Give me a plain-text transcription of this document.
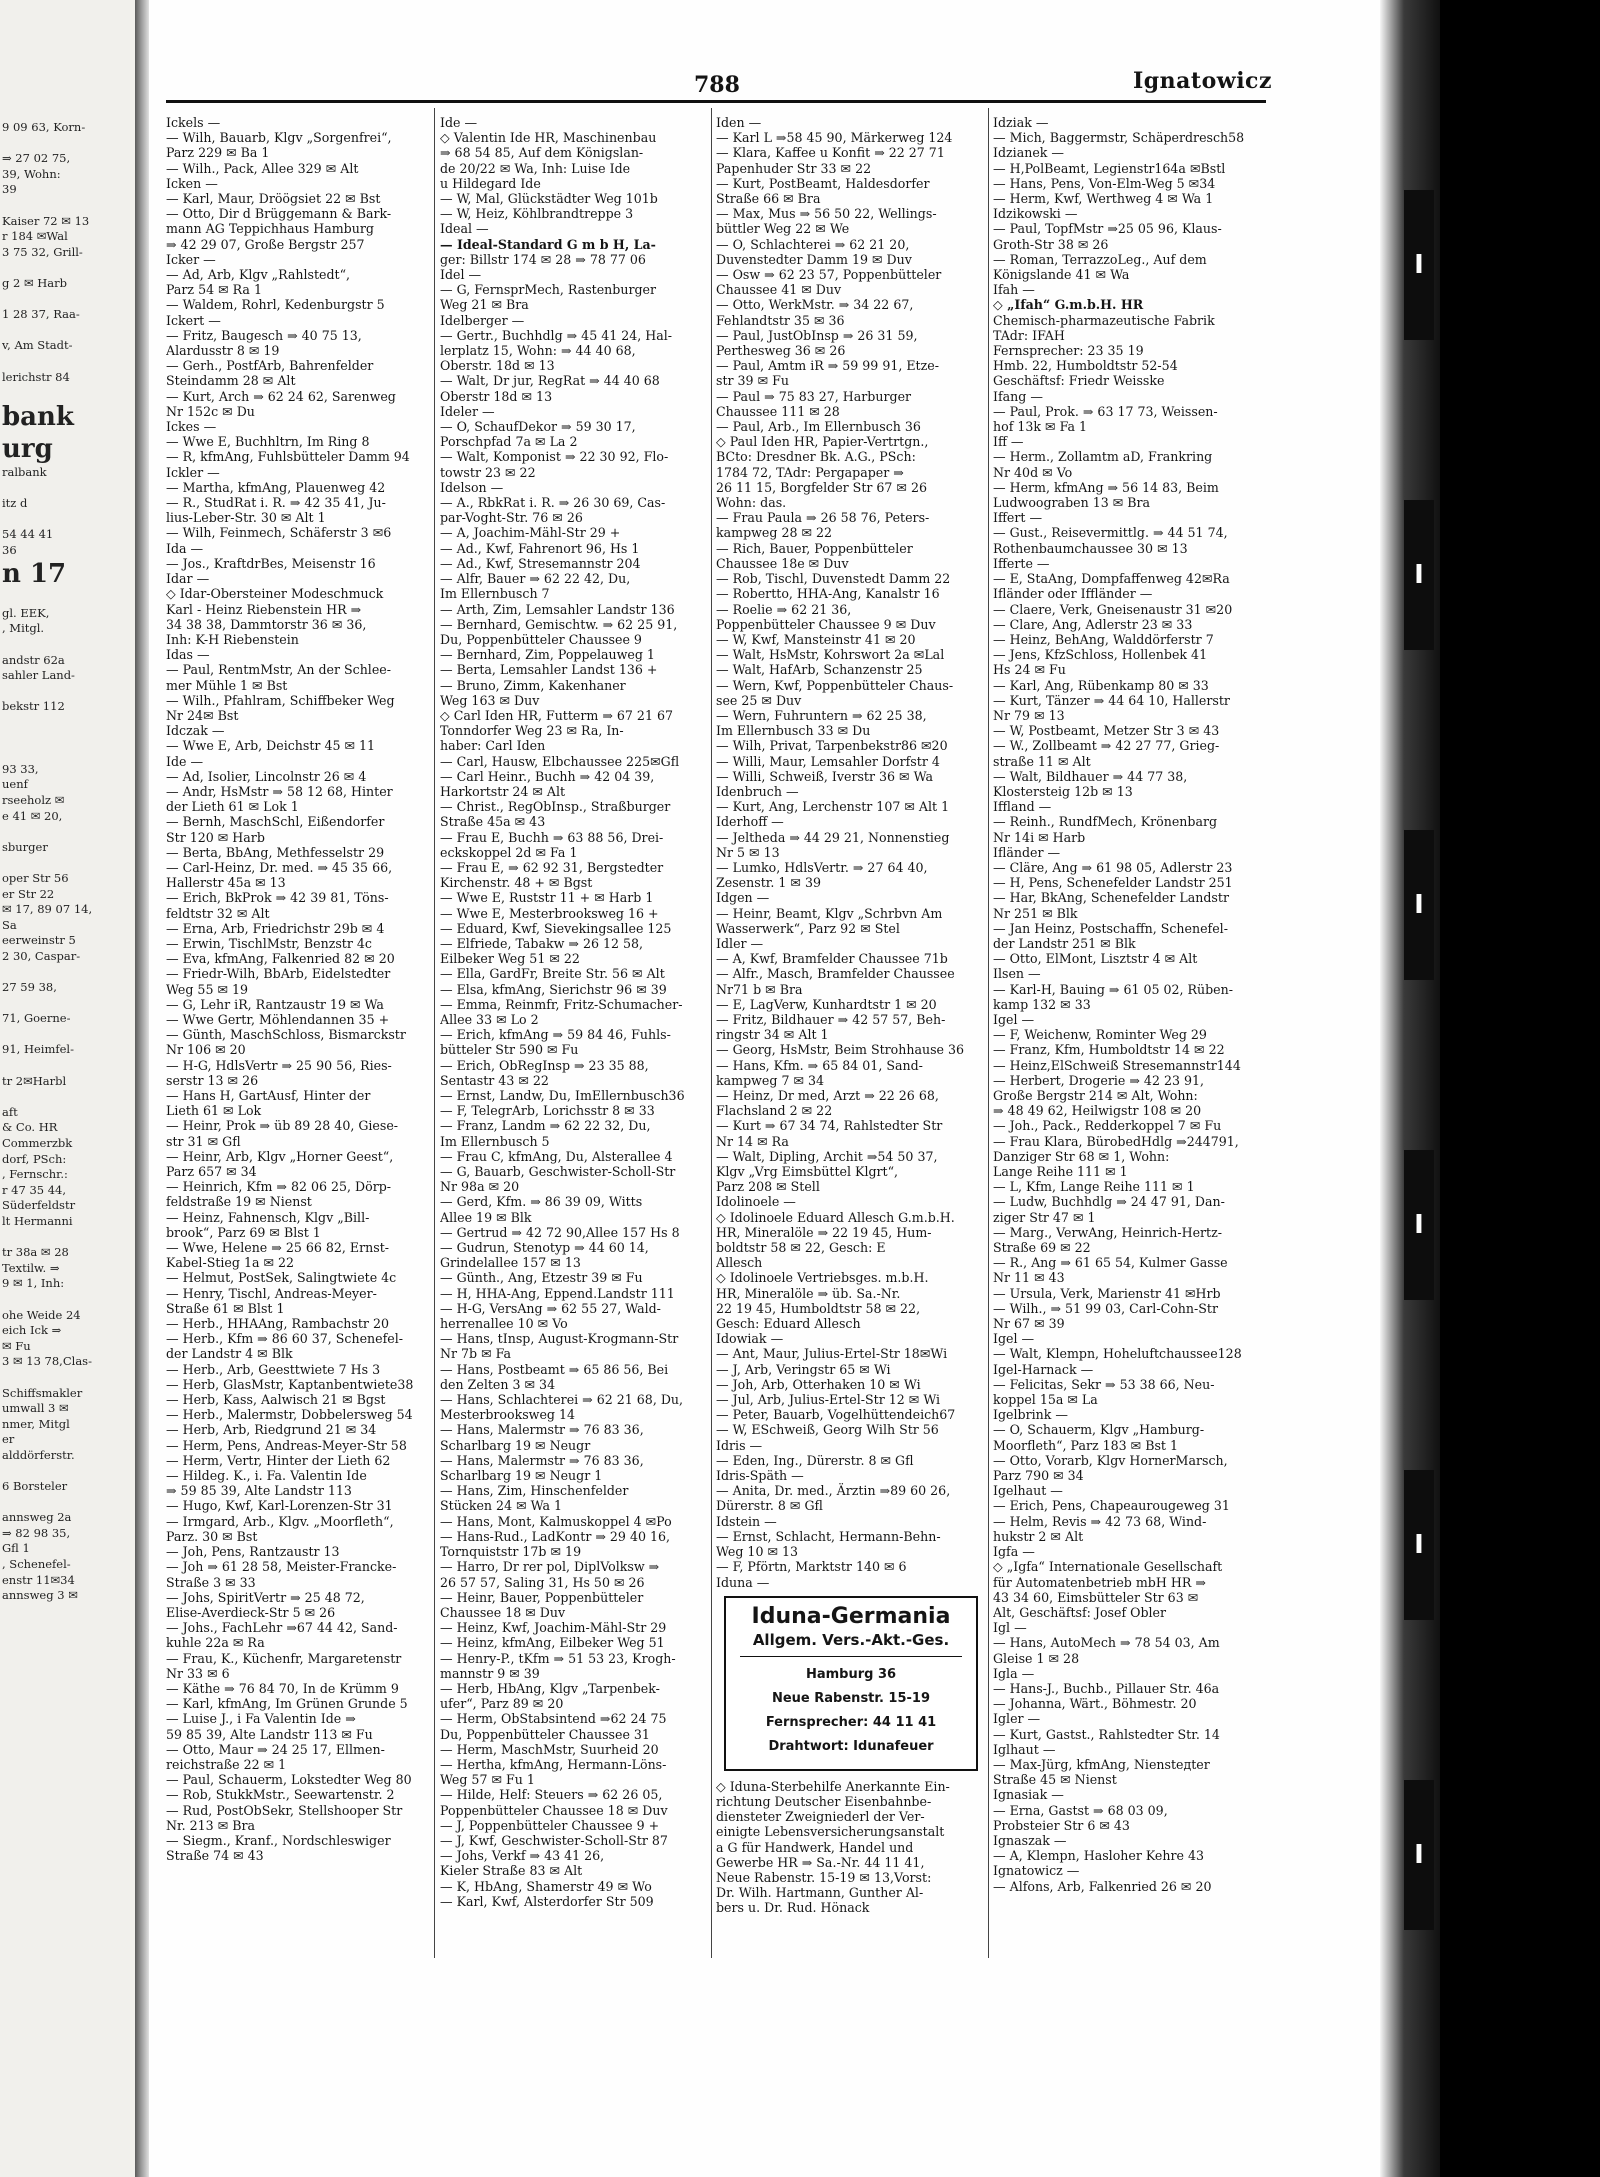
9 09 63, Korn-

⇒ 27 02 75,
39, Wohn:
39

Kaiser 72 ✉ 13
r 184 ✉Wal
3 75 32, Grill-

g 2 ✉ Harb

1 28 37, Raa-

v, Am Stadt-

lerichstr 84

bank
urg
ralbank

itz d

54 44 41
36
n 17

gl. EEK,
, Mitgl.

andstr 62a
sahler Land-

bekstr 112

93 33,
uenf
rseeholz ✉
e 41 ✉ 20,

sburger

oper Str 56
er Str 22
✉ 17, 89 07 14,
Sa
eerweinstr 5
2 30, Caspar-

27 59 38,

71, Goerne-

91, Heimfel-

tr 2✉Harbl

aft
& Co. HR
Commerzbk
dorf, PSch:
, Fernschr.:
r 47 35 44,
Süderfeldstr
lt Hermanni

tr 38a ✉ 28
Textilw. ⇒
9 ✉ 1, Inh:

ohe Weide 24
eich Ick ⇒
✉ Fu
3 ✉ 13 78,Clas-

Schiffsmakler
umwall 3 ✉
nmer, Mitgl
er
alddörferstr.

6 Borsteler

annsweg 2a
⇒ 82 98 35,
Gfl 1
, Schenefel-
enstr 11✉34
annsweg 3 ✉
788	Ignatowicz
Ickels —
— Wilh, Bauarb, Klgv „Sorgenfrei“,
Parz 229 ✉ Ba 1
— Wilh., Pack, Allee 329 ✉ Alt
Icken —
— Karl, Maur, Dröögsiet 22 ✉ Bst
— Otto, Dir d Brüggemann & Bark-
mann AG Teppichhaus Hamburg
⇒ 42 29 07, Große Bergstr 257
Icker —
— Ad, Arb, Klgv „Rahlstedt“,
Parz 54 ✉ Ra 1
— Waldem, Rohrl, Kedenburgstr 5
Ickert —
— Fritz, Baugesch ⇒ 40 75 13,
Alardusstr 8 ✉ 19
— Gerh., PostfArb, Bahrenfelder
Steindamm 28 ✉ Alt
— Kurt, Arch ⇒ 62 24 62, Sarenweg
Nr 152c ✉ Du
Ickes —
— Wwe E, Buchhltrn, Im Ring 8
— R, kfmAng, Fuhlsbütteler Damm 94
Ickler —
— Martha, kfmAng, Plauenweg 42
— R., StudRat i. R. ⇒ 42 35 41, Ju-
lius-Leber-Str. 30 ✉ Alt 1
— Wilh, Feinmech, Schäferstr 3 ✉6
Ida —
— Jos., KraftdrBes, Meisenstr 16
Idar —
◇ Idar-Obersteiner Modeschmuck
Karl - Heinz Riebenstein HR ⇒
34 38 38, Dammtorstr 36 ✉ 36,
Inh: K-H Riebenstein
Idas —
— Paul, RentmMstr, An der Schlee-
mer Mühle 1 ✉ Bst
— Wilh., Pfahlram, Schiffbeker Weg
Nr 24✉ Bst
Idczak —
— Wwe E, Arb, Deichstr 45 ✉ 11
Ide —
— Ad, Isolier, Lincolnstr 26 ✉ 4
— Andr, HsMstr ⇒ 58 12 68, Hinter
der Lieth 61 ✉ Lok 1
— Bernh, MaschSchl, Eißendorfer
Str 120 ✉ Harb
— Berta, BbAng, Methfesselstr 29
— Carl-Heinz, Dr. med. ⇒ 45 35 66,
Hallerstr 45a ✉ 13
— Erich, BkProk ⇒ 42 39 81, Töns-
feldtstr 32 ✉ Alt
— Erna, Arb, Friedrichstr 29b ✉ 4
— Erwin, TischlMstr, Benzstr 4c
— Eva, kfmAng, Falkenried 82 ✉ 20
— Friedr-Wilh, BbArb, Eidelstedter
Weg 55 ✉ 19
— G, Lehr iR, Rantzaustr 19 ✉ Wa
— Wwe Gertr, Möhlendannen 35 +
— Günth, MaschSchloss, Bismarckstr
Nr 106 ✉ 20
— H-G, HdlsVertr ⇒ 25 90 56, Ries-
serstr 13 ✉ 26
— Hans H, GartAusf, Hinter der
Lieth 61 ✉ Lok
— Heinr, Prok ⇒ üb 89 28 40, Giese-
str 31 ✉ Gfl
— Heinr, Arb, Klgv „Horner Geest“,
Parz 657 ✉ 34
— Heinrich, Kfm ⇒ 82 06 25, Dörp-
feldstraße 19 ✉ Nienst
— Heinz, Fahnensch, Klgv „Bill-
brook“, Parz 69 ✉ Blst 1
— Wwe, Helene ⇒ 25 66 82, Ernst-
Kabel-Stieg 1a ✉ 22
— Helmut, PostSek, Salingtwiete 4c
— Henry, Tischl, Andreas-Meyer-
Straße 61 ✉ Blst 1
— Herb., HHAAng, Rambachstr 20
— Herb., Kfm ⇒ 86 60 37, Schenefel-
der Landstr 4 ✉ Blk
— Herb., Arb, Geesttwiete 7 Hs 3
— Herb, GlasMstr, Kaptanbentwiete38
— Herb, Kass, Aalwisch 21 ✉ Bgst
— Herb., Malermstr, Dobbelersweg 54
— Herb, Arb, Riedgrund 21 ✉ 34
— Herm, Pens, Andreas-Meyer-Str 58
— Herm, Vertr, Hinter der Lieth 62
— Hildeg. K., i. Fa. Valentin Ide
⇒ 59 85 39, Alte Landstr 113
— Hugo, Kwf, Karl-Lorenzen-Str 31
— Irmgard, Arb., Klgv. „Moorfleth“,
Parz. 30 ✉ Bst
— Joh, Pens, Rantzaustr 13
— Joh ⇒ 61 28 58, Meister-Francke-
Straße 3 ✉ 33
— Johs, SpiritVertr ⇒ 25 48 72,
Elise-Averdieck-Str 5 ✉ 26
— Johs., FachLehr ⇒67 44 42, Sand-
kuhle 22a ✉ Ra
— Frau, K., Küchenfr, Margaretenstr
Nr 33 ✉ 6
— Käthe ⇒ 76 84 70, In de Krümm 9
— Karl, kfmAng, Im Grünen Grunde 5
— Luise J., i Fa Valentin Ide ⇒
59 85 39, Alte Landstr 113 ✉ Fu
— Otto, Maur ⇒ 24 25 17, Ellmen-
reichstraße 22 ✉ 1
— Paul, Schauerm, Lokstedter Weg 80
— Rob, StukkMstr., Seewartenstr. 2
— Rud, PostObSekr, Stellshooper Str
Nr. 213 ✉ Bra
— Siegm., Kranf., Nordschleswiger
Straße 74 ✉ 43
Ide —
◇ Valentin Ide HR, Maschinenbau
⇒ 68 54 85, Auf dem Königslan-
de 20/22 ✉ Wa, Inh: Luise Ide
u Hildegard Ide
— W, Mal, Glückstädter Weg 101b
— W, Heiz, Köhlbrandtreppe 3
Ideal —
— Ideal-Standard G m b H, La-
ger: Billstr 174 ✉ 28 ⇒ 78 77 06
Idel —
— G, FernsprMech, Rastenburger
Weg 21 ✉ Bra
Idelberger —
— Gertr., Buchhdlg ⇒ 45 41 24, Hal-
lerplatz 15, Wohn: ⇒ 44 40 68,
Oberstr. 18d ✉ 13
— Walt, Dr jur, RegRat ⇒ 44 40 68
Oberstr 18d ✉ 13
Ideler —
— O, SchaufDekor ⇒ 59 30 17,
Porschpfad 7a ✉ La 2
— Walt, Komponist ⇒ 22 30 92, Flo-
towstr 23 ✉ 22
Idelson —
— A., RbkRat i. R. ⇒ 26 30 69, Cas-
par-Voght-Str. 76 ✉ 26
— A, Joachim-Mähl-Str 29 +
— Ad., Kwf, Fahrenort 96, Hs 1
— Ad., Kwf, Stresemannstr 204
— Alfr, Bauer ⇒ 62 22 42, Du,
Im Ellernbusch 7
— Arth, Zim, Lemsahler Landstr 136
— Bernhard, Gemischtw. ⇒ 62 25 91,
Du, Poppenbütteler Chaussee 9
— Bernhard, Zim, Poppelauweg 1
— Berta, Lemsahler Landst 136 +
— Bruno, Zimm, Kakenhaner
Weg 163 ✉ Duv
◇ Carl Iden HR, Futterm ⇒ 67 21 67
Tonndorfer Weg 23 ✉ Ra, In-
haber: Carl Iden
— Carl, Hausw, Elbchaussee 225✉Gfl
— Carl Heinr., Buchh ⇒ 42 04 39,
Harkortstr 24 ✉ Alt
— Christ., RegObInsp., Straßburger
Straße 45a ✉ 43
— Frau E, Buchh ⇒ 63 88 56, Drei-
eckskoppel 2d ✉ Fa 1
— Frau E, ⇒ 62 92 31, Bergstedter
Kirchenstr. 48 + ✉ Bgst
— Wwe E, Ruststr 11 + ✉ Harb 1
— Wwe E, Mesterbrooksweg 16 +
— Eduard, Kwf, Sievekingsallee 125
— Elfriede, Tabakw ⇒ 26 12 58,
Eilbeker Weg 51 ✉ 22
— Ella, GardFr, Breite Str. 56 ✉ Alt
— Elsa, kfmAng, Sierichstr 96 ✉ 39
— Emma, Reinmfr, Fritz-Schumacher-
Allee 33 ✉ Lo 2
— Erich, kfmAng ⇒ 59 84 46, Fuhls-
bütteler Str 590 ✉ Fu
— Erich, ObRegInsp ⇒ 23 35 88,
Sentastr 43 ✉ 22
— Ernst, Landw, Du, ImEllernbusch36
— F, TelegrArb, Lorichsstr 8 ✉ 33
— Franz, Landm ⇒ 62 22 32, Du,
Im Ellernbusch 5
— Frau C, kfmAng, Du, Alsterallee 4
— G, Bauarb, Geschwister-Scholl-Str
Nr 98a ✉ 20
— Gerd, Kfm. ⇒ 86 39 09, Witts
Allee 19 ✉ Blk
— Gertrud ⇒ 42 72 90,Allee 157 Hs 8
— Gudrun, Stenotyp ⇒ 44 60 14,
Grindelallee 157 ✉ 13
— Günth., Ang, Etzestr 39 ✉ Fu
— H, HHA-Ang, Eppend.Landstr 111
— H-G, VersAng ⇒ 62 55 27, Wald-
herrenallee 10 ✉ Vo
— Hans, tInsp, August-Krogmann-Str
Nr 7b ✉ Fa
— Hans, Postbeamt ⇒ 65 86 56, Bei
den Zelten 3 ✉ 34
— Hans, Schlachterei ⇒ 62 21 68, Du,
Mesterbrooksweg 14
— Hans, Malermstr ⇒ 76 83 36,
Scharlbarg 19 ✉ Neugr
— Hans, Malermstr ⇒ 76 83 36,
Scharlbarg 19 ✉ Neugr 1
— Hans, Zim, Hinschenfelder
Stücken 24 ✉ Wa 1
— Hans, Mont, Kalmuskoppel 4 ✉Po
— Hans-Rud., LadKontr ⇒ 29 40 16,
Tornquiststr 17b ✉ 19
— Harro, Dr rer pol, DiplVolksw ⇒
26 57 57, Saling 31, Hs 50 ✉ 26
— Heinr, Bauer, Poppenbütteler
Chaussee 18 ✉ Duv
— Heinz, Kwf, Joachim-Mähl-Str 29
— Heinz, kfmAng, Eilbeker Weg 51
— Henry-P., tKfm ⇒ 51 53 23, Krogh-
mannstr 9 ✉ 39
— Herb, HbAng, Klgv „Tarpenbek-
ufer“, Parz 89 ✉ 20
— Herm, ObStabsintend ⇒62 24 75
Du, Poppenbütteler Chaussee 31
— Herm, MaschMstr, Suurheid 20
— Hertha, kfmAng, Hermann-Löns-
Weg 57 ✉ Fu 1
— Hilde, Helf: Steuers ⇒ 62 26 05,
Poppenbütteler Chaussee 18 ✉ Duv
— J, Poppenbütteler Chaussee 9 +
— J, Kwf, Geschwister-Scholl-Str 87
— Johs, Verkf ⇒ 43 41 26,
Kieler Straße 83 ✉ Alt
— K, HbAng, Shamerstr 49 ✉ Wo
— Karl, Kwf, Alsterdorfer Str 509
Iden —
— Karl L ⇒58 45 90, Märkerweg 124
— Klara, Kaffee u Konfit ⇒ 22 27 71
Papenhuder Str 33 ✉ 22
— Kurt, PostBeamt, Haldesdorfer
Straße 66 ✉ Bra
— Max, Mus ⇒ 56 50 22, Wellings-
büttler Weg 22 ✉ We
— O, Schlachterei ⇒ 62 21 20,
Duvenstedter Damm 19 ✉ Duv
— Osw ⇒ 62 23 57, Poppenbütteler
Chaussee 41 ✉ Duv
— Otto, WerkMstr. ⇒ 34 22 67,
Fehlandtstr 35 ✉ 36
— Paul, JustObInsp ⇒ 26 31 59,
Perthesweg 36 ✉ 26
— Paul, Amtm iR ⇒ 59 99 91, Etze-
str 39 ✉ Fu
— Paul ⇒ 75 83 27, Harburger
Chaussee 111 ✉ 28
— Paul, Arb., Im Ellernbusch 36
◇ Paul Iden HR, Papier-Vertrtgn.,
BCto: Dresdner Bk. A.G., PSch:
1784 72, TAdr: Pergapaper ⇒
26 11 15, Borgfelder Str 67 ✉ 26
Wohn: das.
— Frau Paula ⇒ 26 58 76, Peters-
kampweg 28 ✉ 22
— Rich, Bauer, Poppenbütteler
Chaussee 18e ✉ Duv
— Rob, Tischl, Duvenstedt Damm 22
— Robertto, HHA-Ang, Kanalstr 16
— Roelie ⇒ 62 21 36,
Poppenbütteler Chaussee 9 ✉ Duv
— W, Kwf, Mansteinstr 41 ✉ 20
— Walt, HsMstr, Kohrswort 2a ✉Lal
— Walt, HafArb, Schanzenstr 25
— Wern, Kwf, Poppenbütteler Chaus-
see 25 ✉ Duv
— Wern, Fuhruntern ⇒ 62 25 38,
Im Ellernbusch 33 ✉ Du
— Wilh, Privat, Tarpenbekstr86 ✉20
— Willi, Maur, Lemsahler Dorfstr 4
— Willi, Schweiß, Iverstr 36 ✉ Wa
Idenbruch —
— Kurt, Ang, Lerchenstr 107 ✉ Alt 1
Iderhoff —
— Jeltheda ⇒ 44 29 21, Nonnenstieg
Nr 5 ✉ 13
— Lumko, HdlsVertr. ⇒ 27 64 40,
Zesenstr. 1 ✉ 39
Idgen —
— Heinr, Beamt, Klgv „Schrbvn Am
Wasserwerk“, Parz 92 ✉ Stel
Idler —
— A, Kwf, Bramfelder Chaussee 71b
— Alfr., Masch, Bramfelder Chaussee
Nr71 b ✉ Bra
— E, LagVerw, Kunhardtstr 1 ✉ 20
— Fritz, Bildhauer ⇒ 42 57 57, Beh-
ringstr 34 ✉ Alt 1
— Georg, HsMstr, Beim Strohhause 36
— Hans, Kfm. ⇒ 65 84 01, Sand-
kampweg 7 ✉ 34
— Heinz, Dr med, Arzt ⇒ 22 26 68,
Flachsland 2 ✉ 22
— Kurt ⇒ 67 34 74, Rahlstedter Str
Nr 14 ✉ Ra
— Walt, Dipling, Archit ⇒54 50 37,
Klgv „Vrg Eimsbüttel Klgrt“,
Parz 208 ✉ Stell
Idolinoele —
◇ Idolinoele Eduard Allesch G.m.b.H.
HR, Mineralöle ⇒ 22 19 45, Hum-
boldtstr 58 ✉ 22, Gesch: E
Allesch
◇ Idolinoele Vertriebsges. m.b.H.
HR, Mineralöle ⇒ üb. Sa.-Nr.
22 19 45, Humboldtstr 58 ✉ 22,
Gesch: Eduard Allesch
Idowiak —
— Ant, Maur, Julius-Ertel-Str 18✉Wi
— J, Arb, Veringstr 65 ✉ Wi
— Joh, Arb, Otterhaken 10 ✉ Wi
— Jul, Arb, Julius-Ertel-Str 12 ✉ Wi
— Peter, Bauarb, Vogelhüttendeich67
— W, ESchweiß, Georg Wilh Str 56
Idris —
— Eden, Ing., Dürerstr. 8 ✉ Gfl
Idris-Späth —
— Anita, Dr. med., Ärztin ⇒89 60 26,
Dürerstr. 8 ✉ Gfl
Idstein —
— Ernst, Schlacht, Hermann-Behn-
Weg 10 ✉ 13
— F, Pförtn, Marktstr 140 ✉ 6
Iduna —
Iduna-Germania
Allgem. Vers.-Akt.-Ges.
Hamburg 36
Neue Rabenstr. 15-19
Fernsprecher: 44 11 41
Drahtwort: Idunafeuer
◇ Iduna-Sterbehilfe Anerkannte Ein-
richtung Deutscher Eisenbahnbe-
diensteter Zweigniederl der Ver-
einigte Lebensversicherungsanstalt
a G für Handwerk, Handel und
Gewerbe HR ⇒ Sa.-Nr. 44 11 41,
Neue Rabenstr. 15-19 ✉ 13,Vorst:
Dr. Wilh. Hartmann, Gunther Al-
bers u. Dr. Rud. Hönack
Idziak —
— Mich, Baggermstr, Schäperdresch58
Idzianek —
— H,PolBeamt, Legienstr164a ✉Bstl
— Hans, Pens, Von-Elm-Weg 5 ✉34
— Herm, Kwf, Werthweg 4 ✉ Wa 1
Idzikowski —
— Paul, TopfMstr ⇒25 05 96, Klaus-
Groth-Str 38 ✉ 26
— Roman, TerrazzoLeg., Auf dem
Königslande 41 ✉ Wa
Ifah —
◇ „Ifah“ G.m.b.H. HR
Chemisch-pharmazeutische Fabrik
TAdr: IFAH
Fernsprecher: 23 35 19
Hmb. 22, Humboldtstr 52-54
Geschäftsf: Friedr Weisske
Ifang —
— Paul, Prok. ⇒ 63 17 73, Weissen-
hof 13k ✉ Fa 1
Iff —
— Herm., Zollamtm aD, Frankring
Nr 40d ✉ Vo
— Herm, kfmAng ⇒ 56 14 83, Beim
Ludwoograben 13 ✉ Bra
Iffert —
— Gust., Reisevermittlg. ⇒ 44 51 74,
Rothenbaumchaussee 30 ✉ 13
Ifferte —
— E, StaAng, Dompfaffenweg 42✉Ra
Ifländer oder Iffländer —
— Claere, Verk, Gneisenaustr 31 ✉20
— Clare, Ang, Adlerstr 23 ✉ 33
— Heinz, BehAng, Walddörferstr 7
— Jens, KfzSchloss, Hollenbek 41
Hs 24 ✉ Fu
— Karl, Ang, Rübenkamp 80 ✉ 33
— Kurt, Tänzer ⇒ 44 64 10, Hallerstr
Nr 79 ✉ 13
— W, Postbeamt, Metzer Str 3 ✉ 43
— W., Zollbeamt ⇒ 42 27 77, Grieg-
straße 11 ✉ Alt
— Walt, Bildhauer ⇒ 44 77 38,
Klostersteig 12b ✉ 13
Iffland —
— Reinh., RundfMech, Krönenbarg
Nr 14i ✉ Harb
Ifländer —
— Cläre, Ang ⇒ 61 98 05, Adlerstr 23
— H, Pens, Schenefelder Landstr 251
— Har, BkAng, Schenefelder Landstr
Nr 251 ✉ Blk
— Jan Heinz, Postschaffn, Schenefel-
der Landstr 251 ✉ Blk
— Otto, ElMont, Lisztstr 4 ✉ Alt
Ilsen —
— Karl-H, Bauing ⇒ 61 05 02, Rüben-
kamp 132 ✉ 33
Igel —
— F, Weichenw, Rominter Weg 29
— Franz, Kfm, Humboldtstr 14 ✉ 22
— Heinz,ElSchweiß Stresemannstr144
— Herbert, Drogerie ⇒ 42 23 91,
Große Bergstr 214 ✉ Alt, Wohn:
⇒ 48 49 62, Heilwigstr 108 ✉ 20
— Joh., Pack., Redderkoppel 7 ✉ Fu
— Frau Klara, BürobedHdlg ⇒244791,
Danziger Str 68 ✉ 1, Wohn:
Lange Reihe 111 ✉ 1
— L, Kfm, Lange Reihe 111 ✉ 1
— Ludw, Buchhdlg ⇒ 24 47 91, Dan-
ziger Str 47 ✉ 1
— Marg., VerwAng, Heinrich-Hertz-
Straße 69 ✉ 22
— R., Ang ⇒ 61 65 54, Kulmer Gasse
Nr 11 ✉ 43
— Ursula, Verk, Marienstr 41 ✉Hrb
— Wilh., ⇒ 51 99 03, Carl-Cohn-Str
Nr 67 ✉ 39
Igel —
— Walt, Klempn, Hoheluftchaussee128
Igel-Harnack —
— Felicitas, Sekr ⇒ 53 38 66, Neu-
koppel 15a ✉ La
Igelbrink —
— O, Schauerm, Klgv „Hamburg-
Moorfleth“, Parz 183 ✉ Bst 1
— Otto, Vorarb, Klgv HornerMarsch,
Parz 790 ✉ 34
Igelhaut —
— Erich, Pens, Chapeaurougeweg 31
— Helm, Revis ⇒ 42 73 68, Wind-
hukstr 2 ✉ Alt
Igfa —
◇ „Igfa“ Internationale Gesellschaft
für Automatenbetrieb mbH HR ⇒
43 34 60, Eimsbütteler Str 63 ✉
Alt, Geschäftsf: Josef Obler
Igl —
— Hans, AutoMech ⇒ 78 54 03, Am
Gleise 1 ✉ 28
Igla —
— Hans-J., Buchb., Pillauer Str. 46a
— Johanna, Wärt., Böhmestr. 20
Igler —
— Kurt, Gastst., Rahlstedter Str. 14
Iglhaut —
— Max-Jürg, kfmAng, Niensteдter
Straße 45 ✉ Nienst
Ignasiak —
— Erna, Gastst ⇒ 68 03 09,
Probsteier Str 6 ✉ 43
Ignaszak —
— A, Klempn, Hasloher Kehre 43
Ignatowicz —
— Alfons, Arb, Falkenried 26 ✉ 20
I
I
I
I
I
I
